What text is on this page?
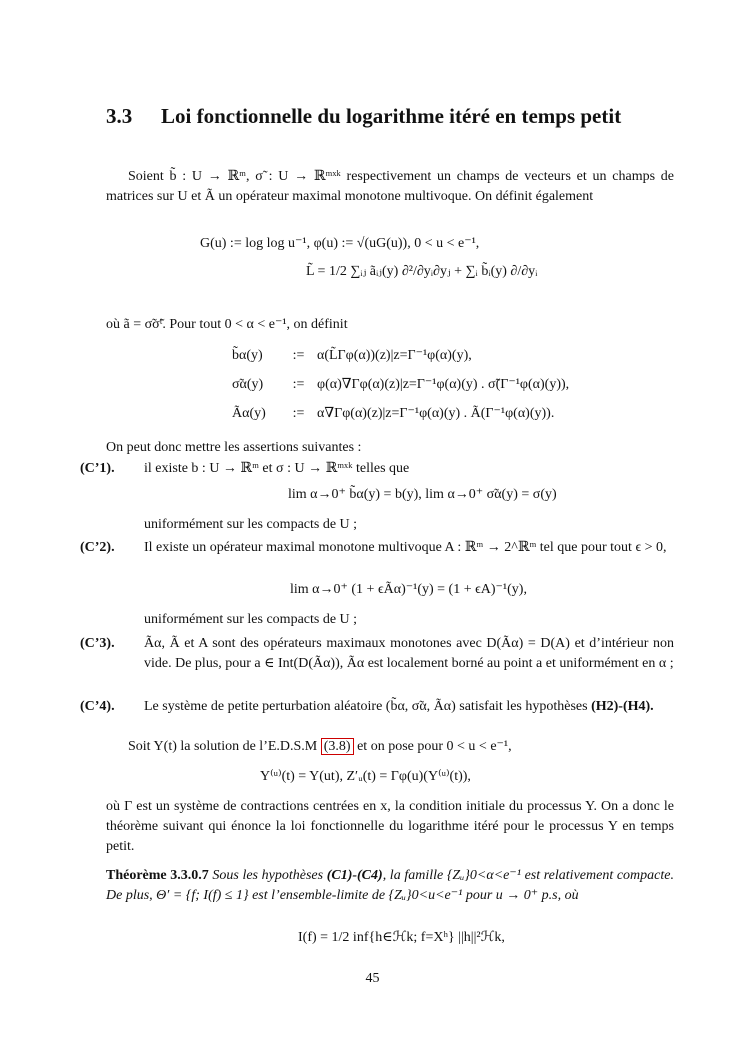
3.3 Loi fonctionnelle du logarithme itéré en temps petit
Soient b̃ : U → ℝᵐ, σ̃ : U → ℝᵐˣᵏ respectivement un champs de vecteurs et un champs de matrices sur U et Ã un opérateur maximal monotone multivoque. On définit également
G(u) := log log u⁻¹, φ(u) := √(uG(u)), 0 < u < e⁻¹,
L̃ = 1/2 ∑ᵢⱼ ãᵢⱼ(y) ∂²/∂yᵢ∂yⱼ + ∑ᵢ b̃ᵢ(y) ∂/∂yᵢ
où ã = σ̃σ̃ᵗ. Pour tout 0 < α < e⁻¹, on définit
b̃α(y) := α(L̃Γφ(α))(z)|z=Γ⁻¹φ(α)(y),
σ̃α(y) := φ(α)∇Γφ(α)(z)|z=Γ⁻¹φ(α)(y) . σ̃(Γ⁻¹φ(α)(y)),
Ãα(y) := α∇Γφ(α)(z)|z=Γ⁻¹φ(α)(y) . Ã(Γ⁻¹φ(α)(y)).
On peut donc mettre les assertions suivantes :
(C’1). il existe b : U → ℝᵐ et σ : U → ℝᵐˣᵏ telles que
lim α→0⁺ b̃α(y) = b(y), lim α→0⁺ σ̃α(y) = σ(y)
uniformément sur les compacts de U ;
(C’2). Il existe un opérateur maximal monotone multivoque A : ℝᵐ → 2^ℝᵐ tel que pour tout ϵ > 0,
lim α→0⁺ (1 + ϵÃα)⁻¹(y) = (1 + ϵA)⁻¹(y),
uniformément sur les compacts de U ;
(C’3). Ãα, Ã et A sont des opérateurs maximaux monotones avec D(Ãα) = D(A) et d’intérieur non vide. De plus, pour a ∈ Int(D(Ãα)), Ãα est localement borné au point a et uniformément en α ;
(C’4). Le système de petite perturbation aléatoire (b̃α, σ̃α, Ãα) satisfait les hypothèses (H2)-(H4).
Soit Y(t) la solution de l’E.D.S.M (3.8) et on pose pour 0 < u < e⁻¹,
Y⁽ᵘ⁾(t) = Y(ut), Z′ᵤ(t) = Γφ(u)(Y⁽ᵘ⁾(t)),
où Γ est un système de contractions centrées en x, la condition initiale du processus Y. On a donc le théorème suivant qui énonce la loi fonctionnelle du logarithme itéré pour le processus Y en temps petit.
Théorème 3.3.0.7 Sous les hypothèses (C1)-(C4), la famille {Zᵤ}0<α<e⁻¹ est relativement compacte. De plus, Θ′ = {f; I(f) ≤ 1} est l’ensemble-limite de {Zᵤ}0<u<e⁻¹ pour u → 0⁺ p.s, où
I(f) = 1/2 inf{h∈ℋk; f=Xʰ} ||h||²ℋk,
45
